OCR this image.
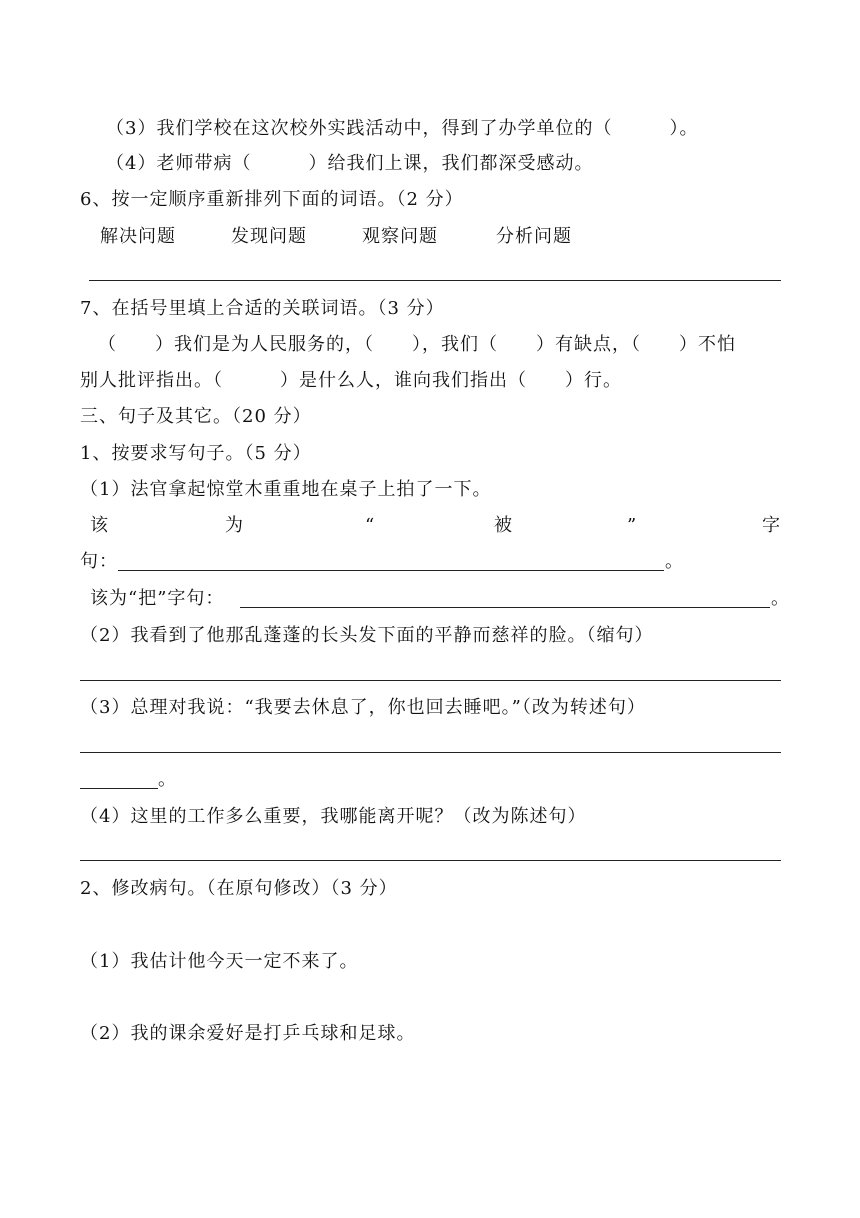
（3）我们学校在这次校外实践活动中，得到了办学单位的（　　　）。
（4）老师带病（　　　）给我们上课，我们都深受感动。
6、按一定顺序重新排列下面的词语。（2 分）
解决问题	发现问题	观察问题	分析问题
7、在括号里填上合适的关联词语。（3 分）
（　　）我们是为人民服务的，（　　），我们（　　）有缺点，（　　）不怕
别人批评指出。（　　　）是什么人，谁向我们指出（　　）行。
三、句子及其它。（20 分）
1、按要求写句子。（5 分）
（1）法官拿起惊堂木重重地在桌子上拍了一下。
该	为	“	被	”	字
句：	。
该为“把”字句：	。
（2）我看到了他那乱蓬蓬的长头发下面的平静而慈祥的脸。（缩句）
（3）总理对我说：“我要去休息了，你也回去睡吧。”（改为转述句）
。
（4）这里的工作多么重要，我哪能离开呢？（改为陈述句）
2、修改病句。（在原句修改）（3 分）
（1）我估计他今天一定不来了。
（2）我的课余爱好是打乒乓球和足球。
